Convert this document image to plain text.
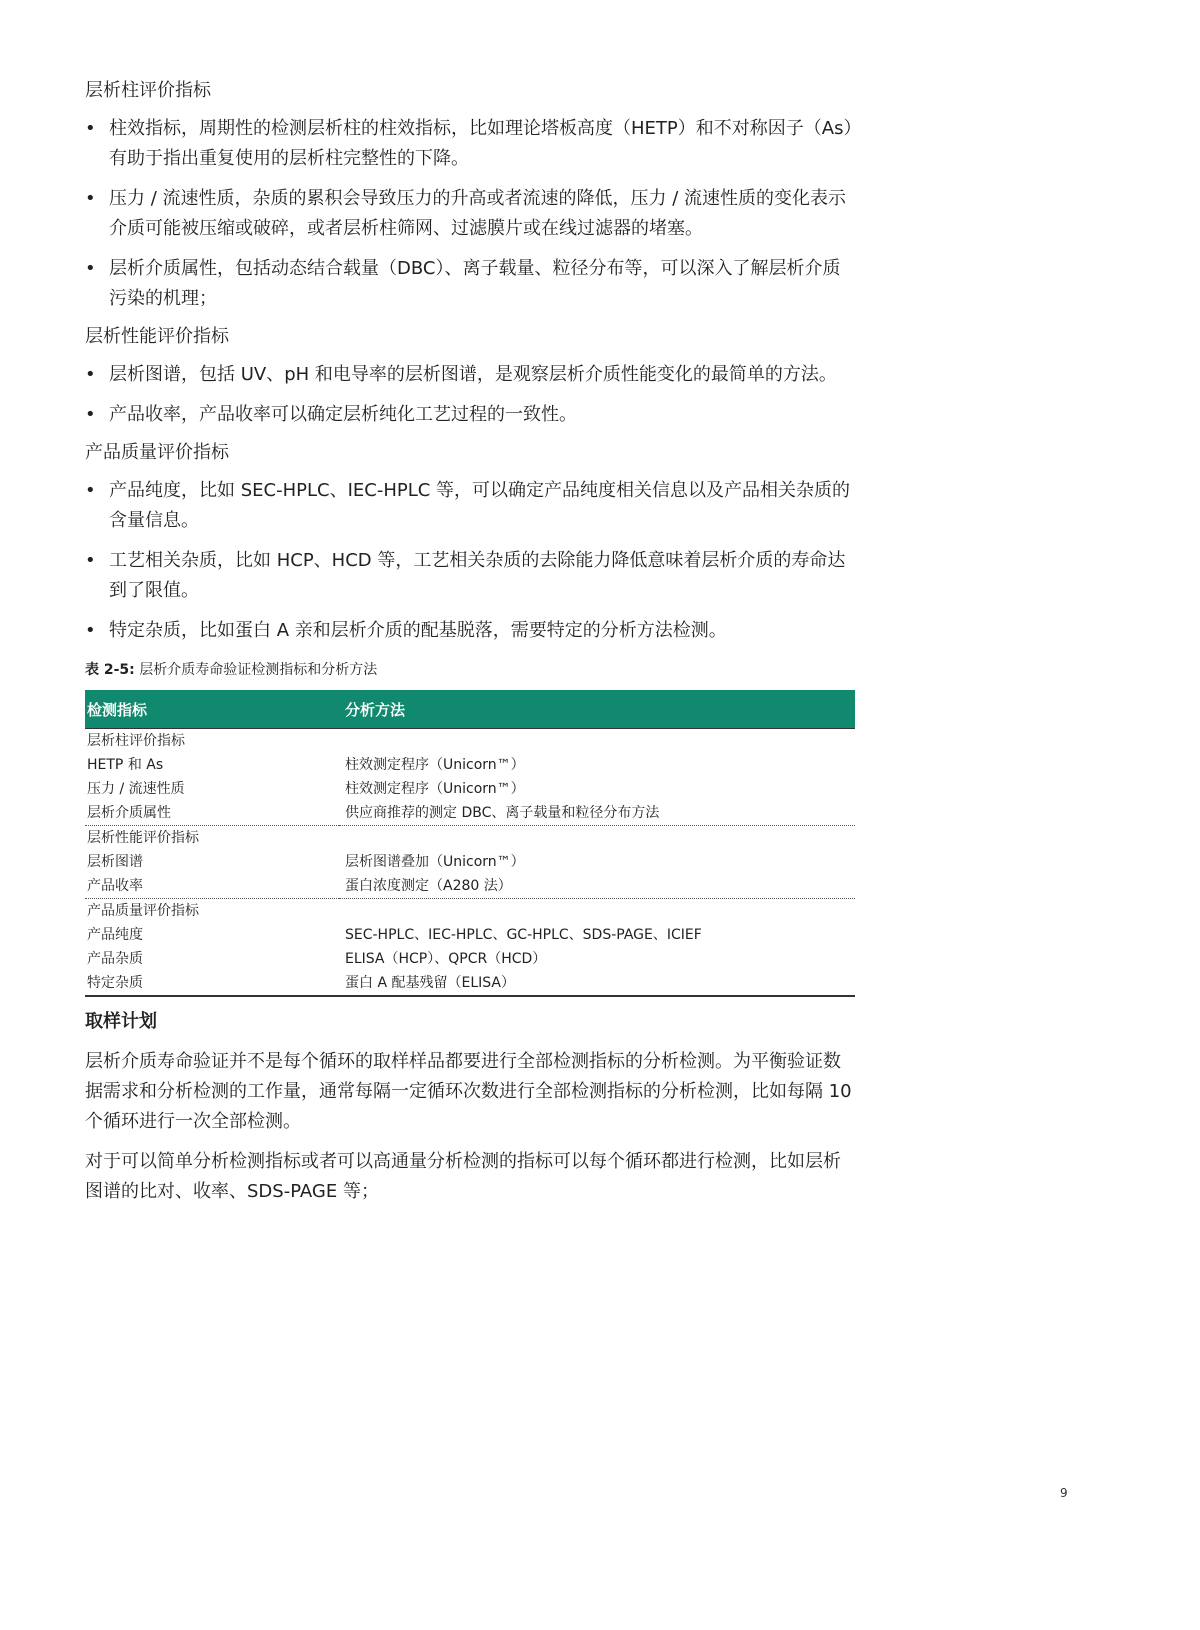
层析柱评价指标
• 柱效指标，周期性的检测层析柱的柱效指标，比如理论塔板高度（HETP）和不对称因子（As）有助于指出重复使用的层析柱完整性的下降。
• 压力 / 流速性质，杂质的累积会导致压力的升高或者流速的降低，压力 / 流速性质的变化表示介质可能被压缩或破碎，或者层析柱筛网、过滤膜片或在线过滤器的堵塞。
• 层析介质属性，包括动态结合载量（DBC）、离子载量、粒径分布等，可以深入了解层析介质污染的机理；
层析性能评价指标
• 层析图谱，包括 UV、pH 和电导率的层析图谱，是观察层析介质性能变化的最简单的方法。
• 产品收率，产品收率可以确定层析纯化工艺过程的一致性。
产品质量评价指标
• 产品纯度，比如 SEC-HPLC、IEC-HPLC 等，可以确定产品纯度相关信息以及产品相关杂质的含量信息。
• 工艺相关杂质，比如 HCP、HCD 等，工艺相关杂质的去除能力降低意味着层析介质的寿命达到了限值。
• 特定杂质，比如蛋白 A 亲和层析介质的配基脱落，需要特定的分析方法检测。
表 2-5: 层析介质寿命验证检测指标和分析方法
检测指标	分析方法
层析柱评价指标	
HETP 和 As	柱效测定程序（Unicorn™）
压力 / 流速性质	柱效测定程序（Unicorn™）
层析介质属性	供应商推荐的测定 DBC、离子载量和粒径分布方法
层析性能评价指标	
层析图谱	层析图谱叠加（Unicorn™）
产品收率	蛋白浓度测定（A280 法）
产品质量评价指标	
产品纯度	SEC-HPLC、IEC-HPLC、GC-HPLC、SDS-PAGE、ICIEF
产品杂质	ELISA（HCP）、QPCR（HCD）
特定杂质	蛋白 A 配基残留（ELISA）
取样计划

层析介质寿命验证并不是每个循环的取样样品都要进行全部检测指标的分析检测。为平衡验证数据需求和分析检测的工作量，通常每隔一定循环次数进行全部检测指标的分析检测，比如每隔 10 个循环进行一次全部检测。

对于可以简单分析检测指标或者可以高通量分析检测的指标可以每个循环都进行检测，比如层析图谱的比对、收率、SDS-PAGE 等；

9
